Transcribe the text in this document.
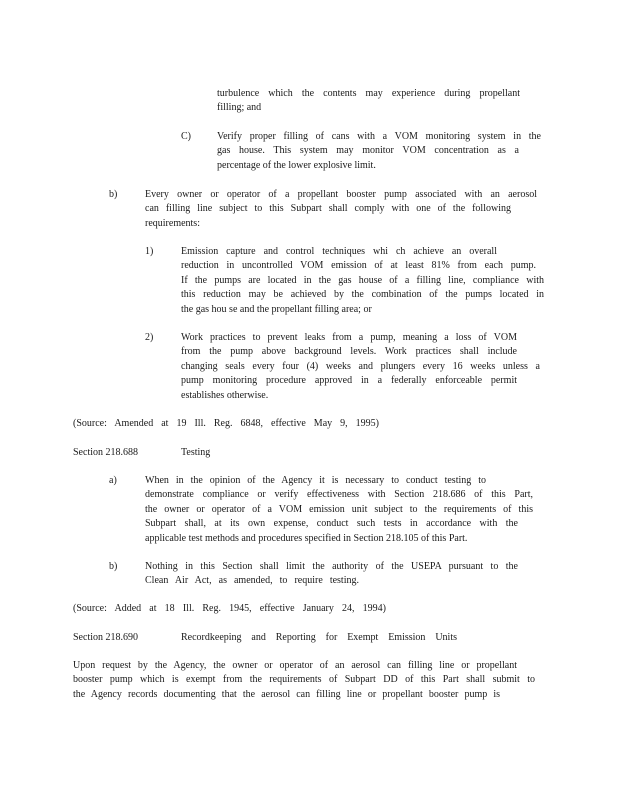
turbulence which the contents may experience during propellant
filling; and
C)	Verify proper filling of cans with a VOM monitoring system in the
gas house. This system may monitor VOM concentration as a
percentage of the lower explosive limit.
b)	Every owner or operator of a propellant booster pump associated with an aerosol
can filling line subject to this Subpart shall comply with one of the following
requirements:
1)	Emission capture and control techniques whi ch achieve an overall
reduction in uncontrolled VOM emission of at least 81% from each pump.
If the pumps are located in the gas house of a filling line, compliance with
this reduction may be achieved by the combination of the pumps located in
the gas hou se and the propellant filling area; or
2)	Work practices to prevent leaks from a pump, meaning a loss of VOM
from the pump above background levels. Work practices shall include
changing seals every four (4) weeks and plungers every 16 weeks unless a
pump monitoring procedure approved in a federally enforceable permit
establishes otherwise.
(Source: Amended at 19 Ill. Reg. 6848, effective May 9, 1995)
Section 218.688	Testing
a)	When in the opinion of the Agency it is necessary to conduct testing to
demonstrate compliance or verify effectiveness with Section 218.686 of this Part,
the owner or operator of a VOM emission unit subject to the requirements of this
Subpart shall, at its own expense, conduct such tests in accordance with the
applicable test methods and procedures specified in Section 218.105 of this Part.
b)	Nothing in this Section shall limit the authority of the USEPA pursuant to the
Clean Air Act, as amended, to require testing.
(Source: Added at 18 Ill. Reg. 1945, effective January 24, 1994)
Section 218.690	Recordkeeping and Reporting for Exempt Emission Units
Upon request by the Agency, the owner or operator of an aerosol can filling line or propellant
booster pump which is exempt from the requirements of Subpart DD of this Part shall submit to
the Agency records documenting that the aerosol can filling line or propellant booster pump is
